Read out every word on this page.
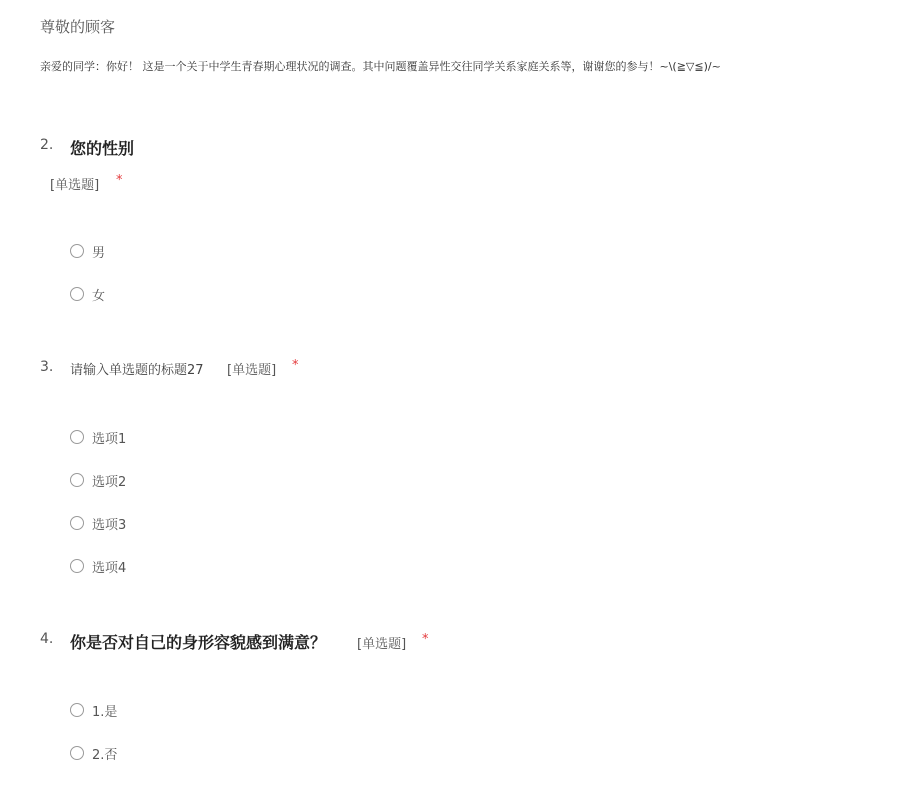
尊敬的顾客
亲爱的同学：你好！ 这是一个关于中学生青春期心理状况的调查。其中问题覆盖异性交往同学关系家庭关系等，谢谢您的参与！~\(≧▽≦)/~
2. 您的性别
[单选题] *
男
女
3. 请输入单选题的标题27 [单选题] *
选项1
选项2
选项3
选项4
4. 你是否对自己的身形容貌感到满意？ [单选题] *
1.是
2.否
